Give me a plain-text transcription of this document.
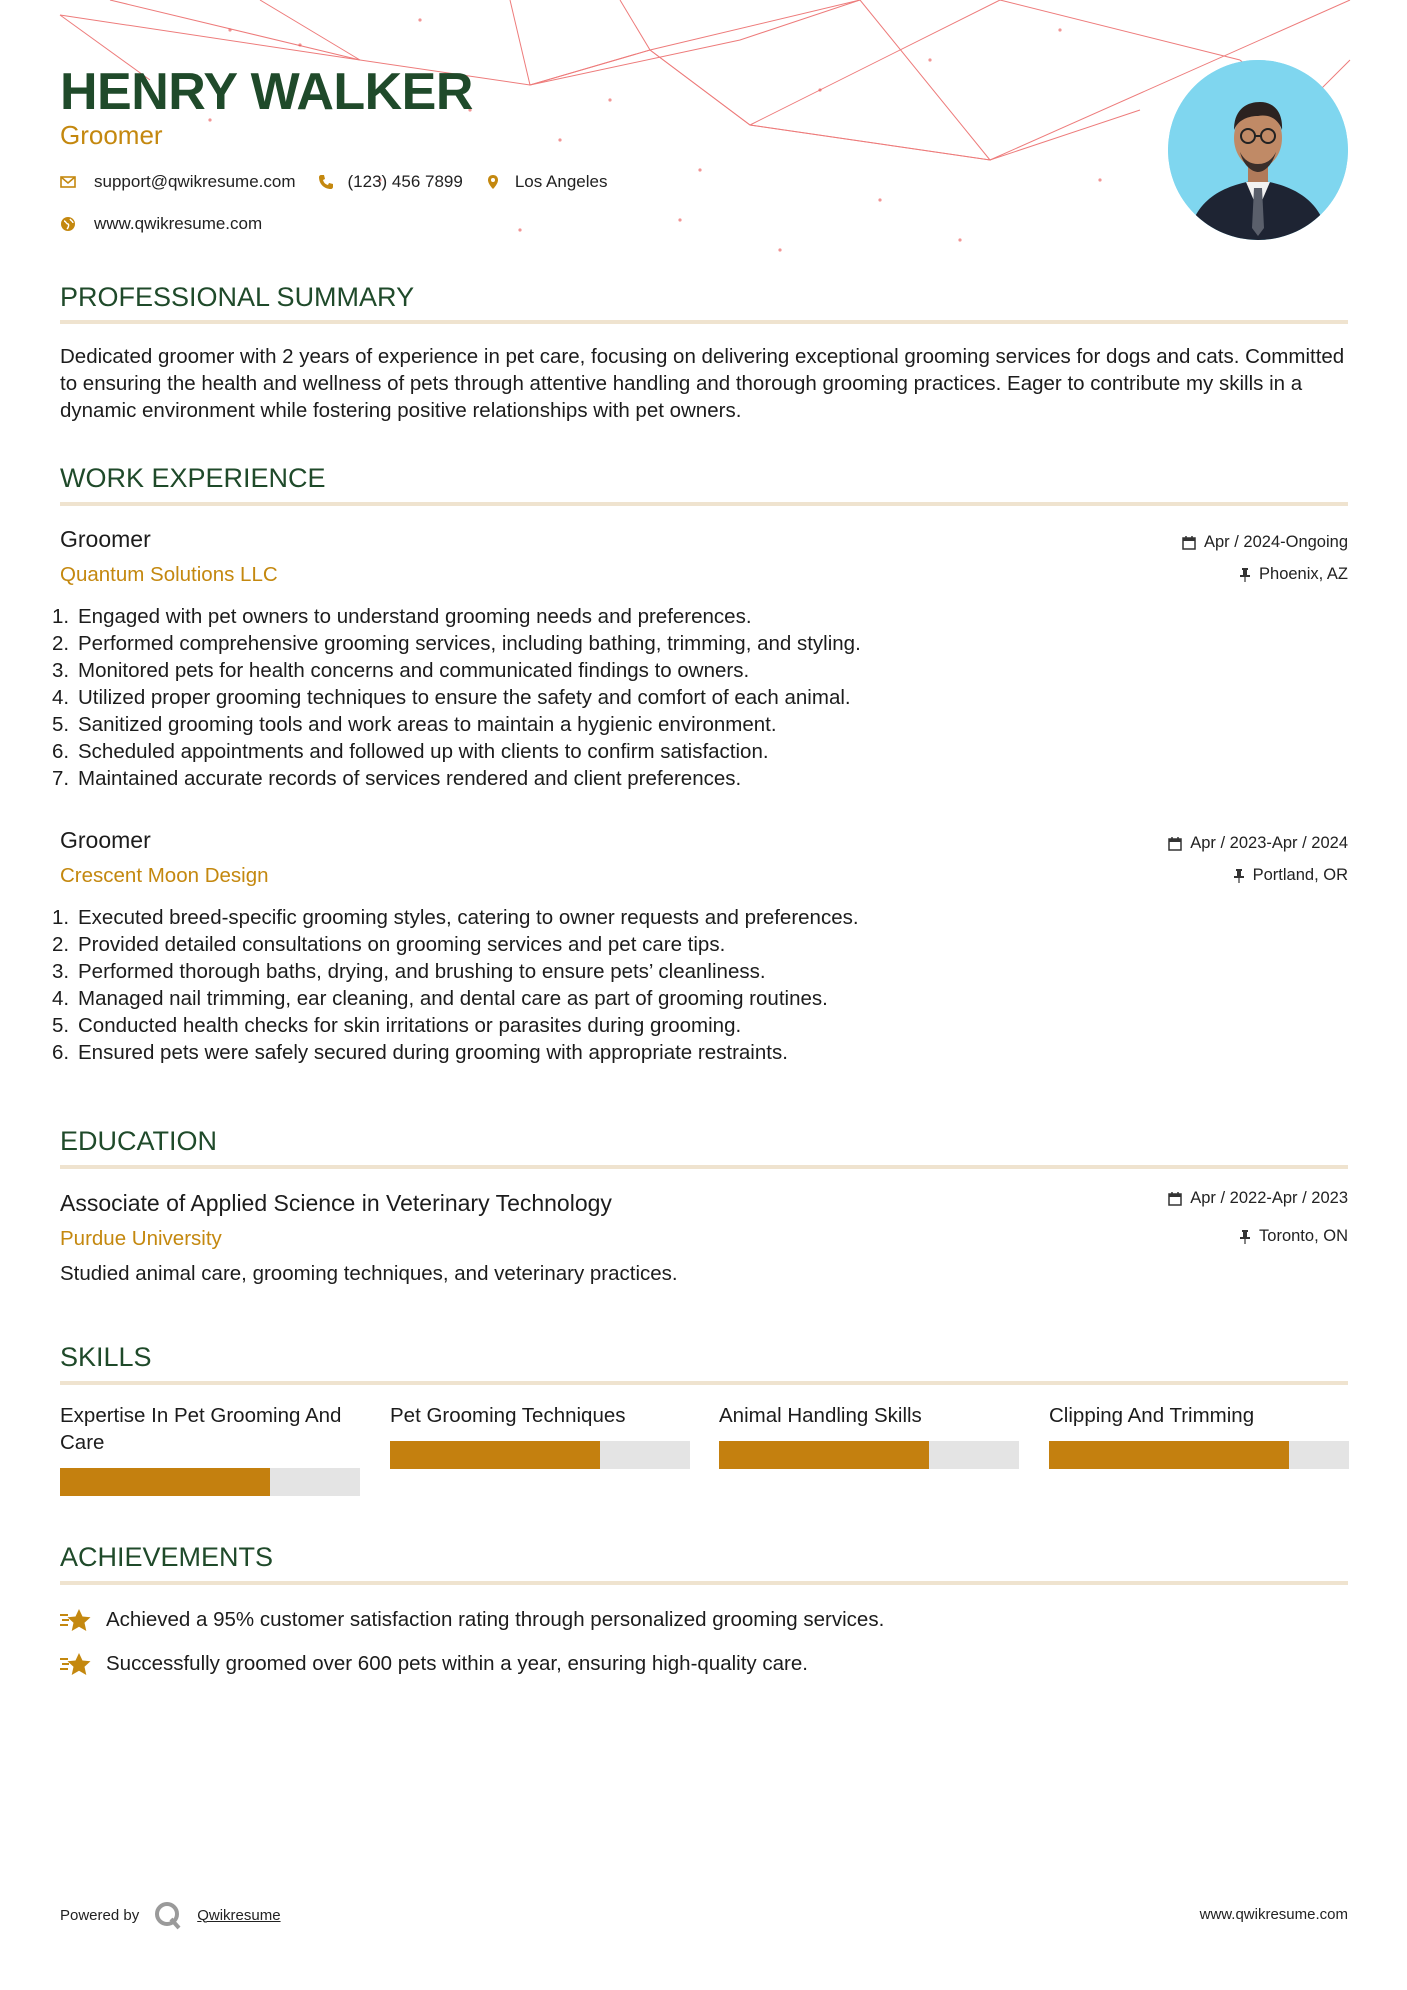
HENRY WALKER
Groomer
support@qwikresume.com	(123) 456 7899	Los Angeles
www.qwikresume.com
PROFESSIONAL SUMMARY
Dedicated groomer with 2 years of experience in pet care, focusing on delivering exceptional grooming services for dogs and cats. Committed to ensuring the health and wellness of pets through attentive handling and thorough grooming practices. Eager to contribute my skills in a dynamic environment while fostering positive relationships with pet owners.
WORK EXPERIENCE
Groomer
Quantum Solutions LLC
Apr / 2024-Ongoing
Phoenix, AZ
1. Engaged with pet owners to understand grooming needs and preferences.
2. Performed comprehensive grooming services, including bathing, trimming, and styling.
3. Monitored pets for health concerns and communicated findings to owners.
4. Utilized proper grooming techniques to ensure the safety and comfort of each animal.
5. Sanitized grooming tools and work areas to maintain a hygienic environment.
6. Scheduled appointments and followed up with clients to confirm satisfaction.
7. Maintained accurate records of services rendered and client preferences.
Groomer
Crescent Moon Design
Apr / 2023-Apr / 2024
Portland, OR
1. Executed breed-specific grooming styles, catering to owner requests and preferences.
2. Provided detailed consultations on grooming services and pet care tips.
3. Performed thorough baths, drying, and brushing to ensure pets’ cleanliness.
4. Managed nail trimming, ear cleaning, and dental care as part of grooming routines.
5. Conducted health checks for skin irritations or parasites during grooming.
6. Ensured pets were safely secured during grooming with appropriate restraints.
EDUCATION
Associate of Applied Science in Veterinary Technology
Purdue University
Apr / 2022-Apr / 2023
Toronto, ON
Studied animal care, grooming techniques, and veterinary practices.
SKILLS
Expertise In Pet Grooming And Care
Pet Grooming Techniques	Animal Handling Skills	Clipping And Trimming
ACHIEVEMENTS
Achieved a 95% customer satisfaction rating through personalized grooming services.
Successfully groomed over 600 pets within a year, ensuring high-quality care.
Powered by	Qwikresume	www.qwikresume.com
